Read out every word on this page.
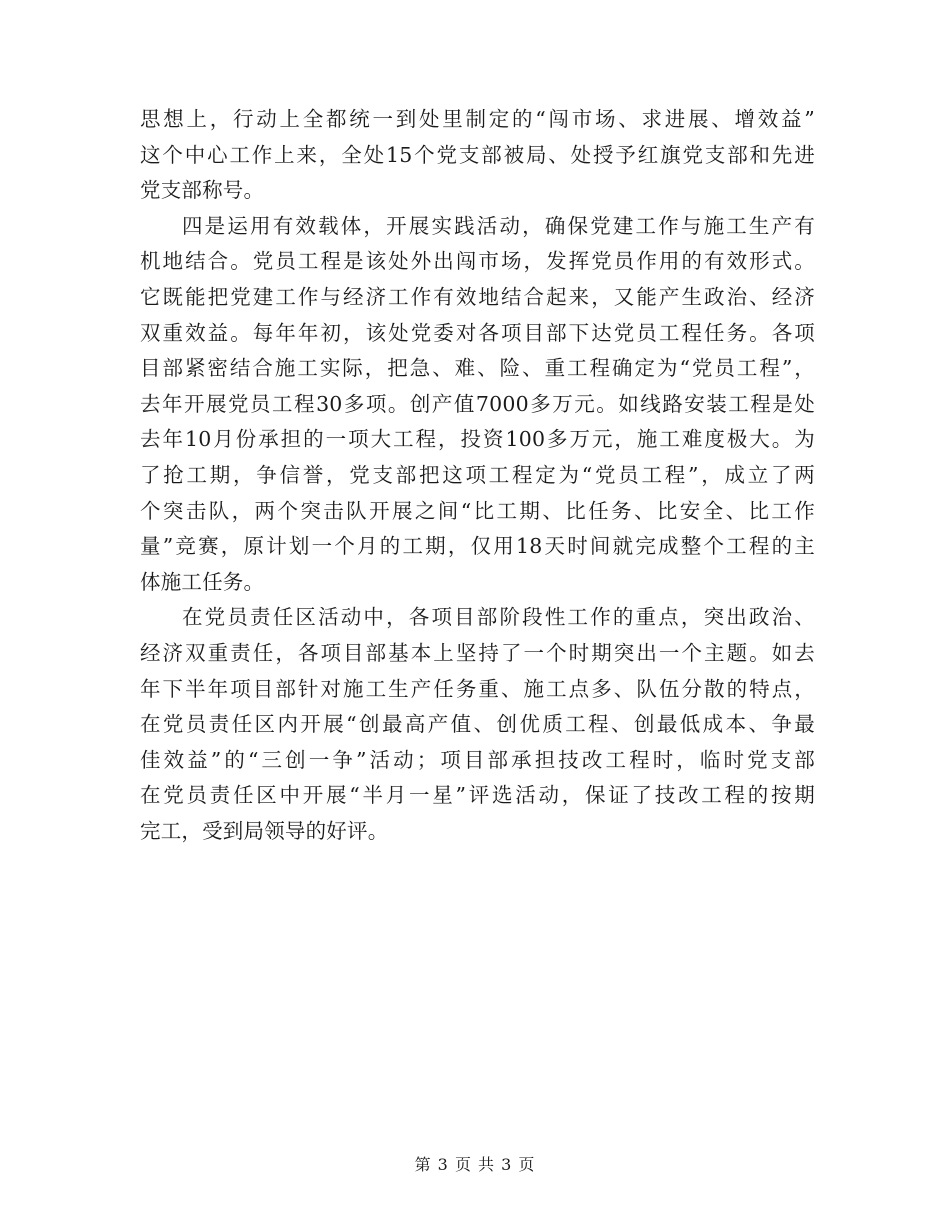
思想上，行动上全都统一到处里制定的“闯市场、求进展、增效益”
这个中心工作上来，全处15个党支部被局、处授予红旗党支部和先进
党支部称号。
四是运用有效载体，开展实践活动，确保党建工作与施工生产有
机地结合。党员工程是该处外出闯市场，发挥党员作用的有效形式。
它既能把党建工作与经济工作有效地结合起来，又能产生政治、经济
双重效益。每年年初，该处党委对各项目部下达党员工程任务。各项
目部紧密结合施工实际，把急、难、险、重工程确定为“党员工程”，
去年开展党员工程30多项。创产值7000多万元。如线路安装工程是处
去年10月份承担的一项大工程，投资100多万元，施工难度极大。为
了抢工期，争信誉，党支部把这项工程定为“党员工程”，成立了两
个突击队，两个突击队开展之间“比工期、比任务、比安全、比工作
量”竞赛，原计划一个月的工期，仅用18天时间就完成整个工程的主
体施工任务。
在党员责任区活动中，各项目部阶段性工作的重点，突出政治、
经济双重责任，各项目部基本上坚持了一个时期突出一个主题。如去
年下半年项目部针对施工生产任务重、施工点多、队伍分散的特点，
在党员责任区内开展“创最高产值、创优质工程、创最低成本、争最
佳效益”的“三创一争”活动；项目部承担技改工程时，临时党支部
在党员责任区中开展“半月一星”评选活动，保证了技改工程的按期
完工，受到局领导的好评。
第 3 页 共 3 页
